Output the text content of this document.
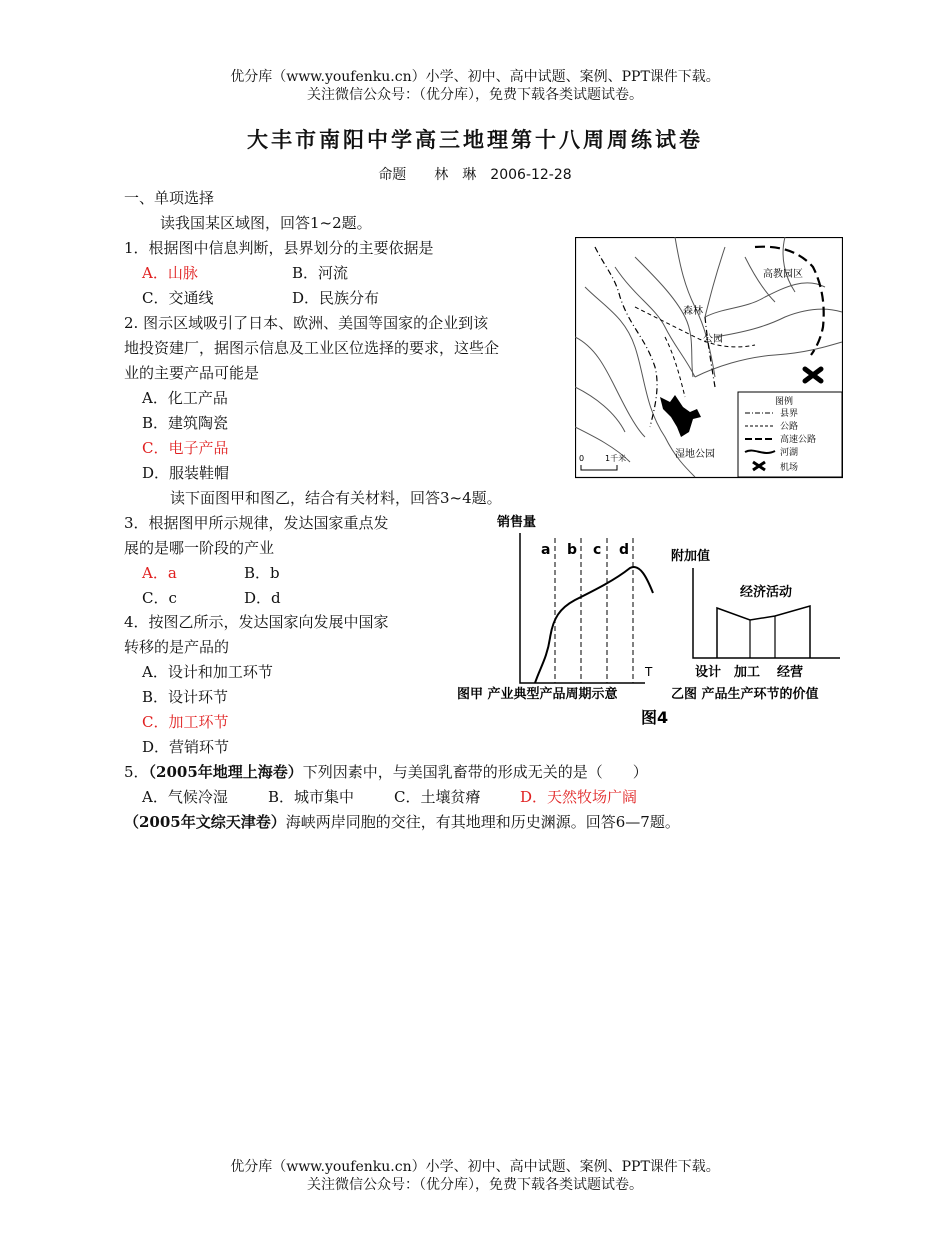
优分库（www.youfenku.cn）小学、初中、高中试题、案例、PPT课件下载。
关注微信公众号：（优分库），免费下载各类试题试卷。
大丰市南阳中学高三地理第十八周周练试卷
命题　　林　琳　2006-12-28
一、单项选择
读我国某区域图，回答1~2题。
1．根据图中信息判断，县界划分的主要依据是
A．山脉	B．河流
C．交通线	D．民族分布
2. 图示区域吸引了日本、欧洲、美国等国家的企业到该
地投资建厂，据图示信息及工业区位选择的要求，这些企
业的主要产品可能是
A．化工产品
B．建筑陶瓷
C．电子产品
D．服装鞋帽
读下面图甲和图乙，结合有关材料，回答3~4题。
3．根据图甲所示规律，发达国家重点发
展的是哪一阶段的产业
A．a	B．b
C．c	D．d
4．按图乙所示，发达国家向发展中国家
转移的是产品的
A．设计和加工环节
B．设计环节
C．加工环节
D．营销环节
5．（2005年地理上海卷）下列因素中，与美国乳畜带的形成无关的是（　　）
A．气候冷湿	B．城市集中	C．土壤贫瘠	D．天然牧场广阔
（2005年文综天津卷）海峡两岸同胞的交往，有其地理和历史渊源。回答6—7题。
高教园区
森林
公园
湿地公园
0	1千米
图例
县界
公路
高速公路
河湖
机场
销售量
T
a b c d
图甲 产业典型产品周期示意
附加值
经济活动
设计 加工 经营
乙图 产品生产环节的价值
图4
优分库（www.youfenku.cn）小学、初中、高中试题、案例、PPT课件下载。
关注微信公众号：（优分库），免费下载各类试题试卷。
